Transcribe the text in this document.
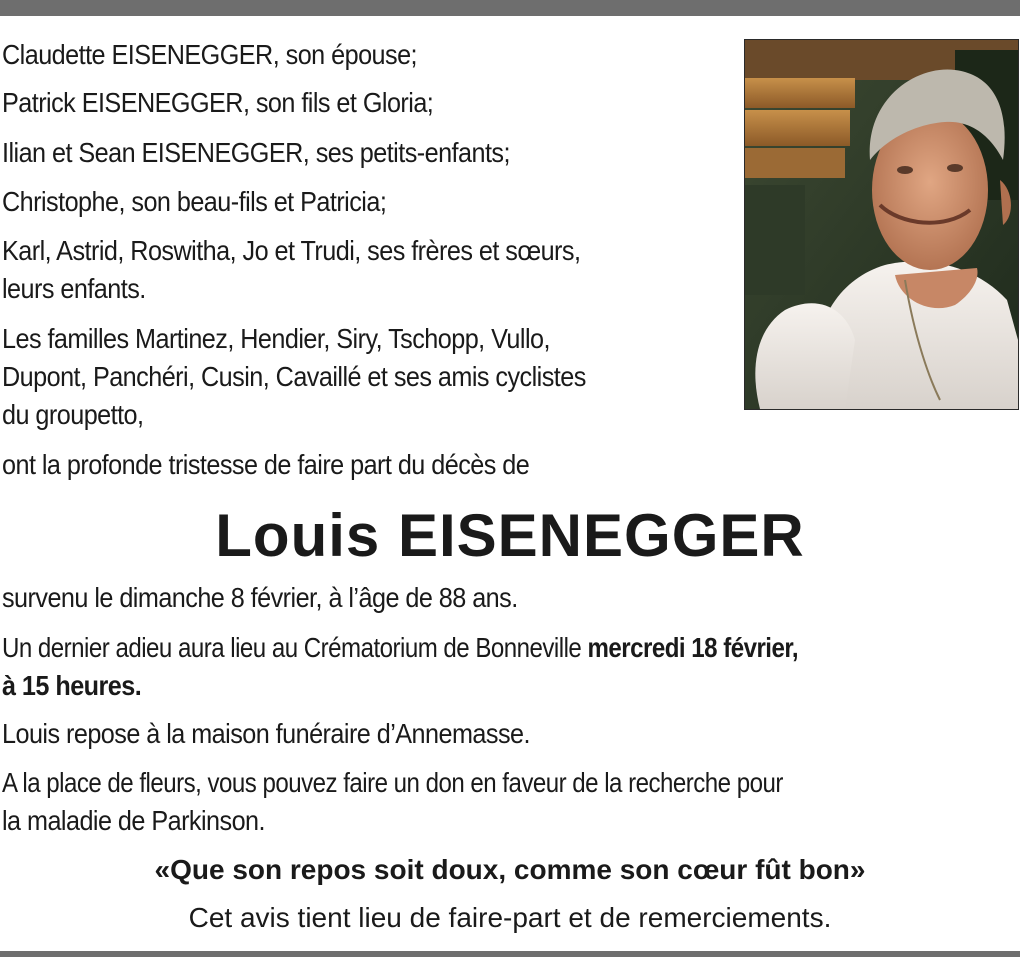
Claudette EISENEGGER, son épouse;

Patrick EISENEGGER, son fils et Gloria;

Ilian et Sean EISENEGGER, ses petits-enfants;

Christophe, son beau-fils et Patricia;

Karl, Astrid, Roswitha, Jo et Trudi, ses frères et sœurs,

leurs enfants.

Les familles Martinez, Hendier, Siry, Tschopp, Vullo,

Dupont, Panchéri, Cusin, Cavaillé et ses amis cyclistes

du groupetto,

ont la profonde tristesse de faire part du décès de

Louis EISENEGGER

survenu le dimanche 8 février, à l’âge de 88 ans.

Un dernier adieu aura lieu au Crématorium de Bonneville mercredi 18 février,

à 15 heures.

Louis repose à la maison funéraire d’Annemasse.

A la place de fleurs, vous pouvez faire un don en faveur de la recherche pour

la maladie de Parkinson.

«Que son repos soit doux, comme son cœur fût bon»

Cet avis tient lieu de faire-part et de remerciements.
